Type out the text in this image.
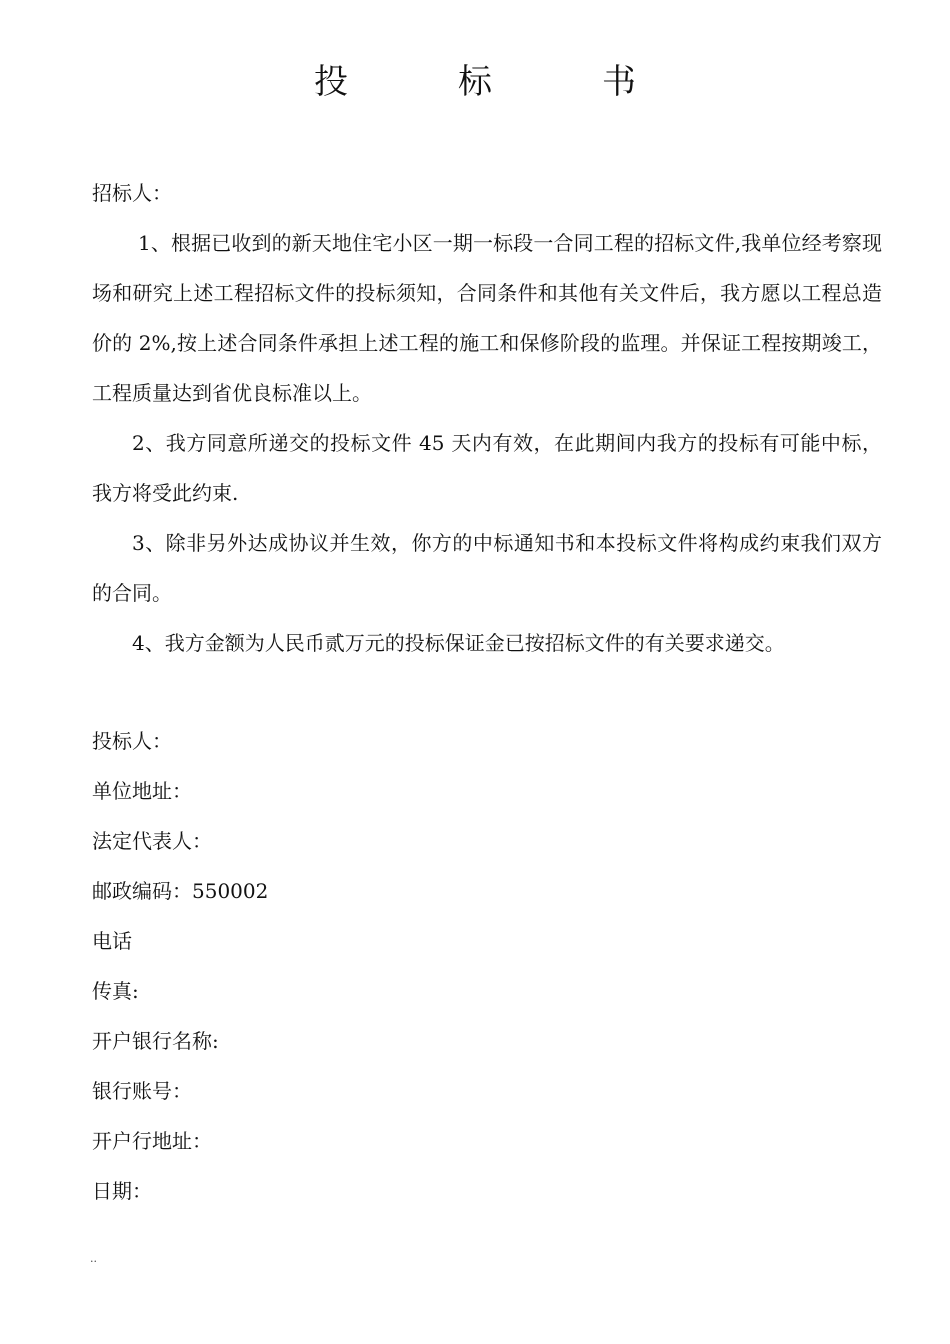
投　标　书
招标人：

1、根据已收到的新天地住宅小区一期一标段一合同工程的招标文件,我单位经考察现场和研究上述工程招标文件的投标须知，合同条件和其他有关文件后，我方愿以工程总造价的 2%,按上述合同条件承担上述工程的施工和保修阶段的监理。并保证工程按期竣工，工程质量达到省优良标准以上。

2、我方同意所递交的投标文件 45 天内有效，在此期间内我方的投标有可能中标，我方将受此约束.

3、除非另外达成协议并生效，你方的中标通知书和本投标文件将构成约束我们双方的合同。

4、我方金额为人民币贰万元的投标保证金已按招标文件的有关要求递交。

投标人：

单位地址：

法定代表人：

邮政编码：550002

电话

传真:

开户银行名称:

银行账号：

开户行地址：

日期：

..
